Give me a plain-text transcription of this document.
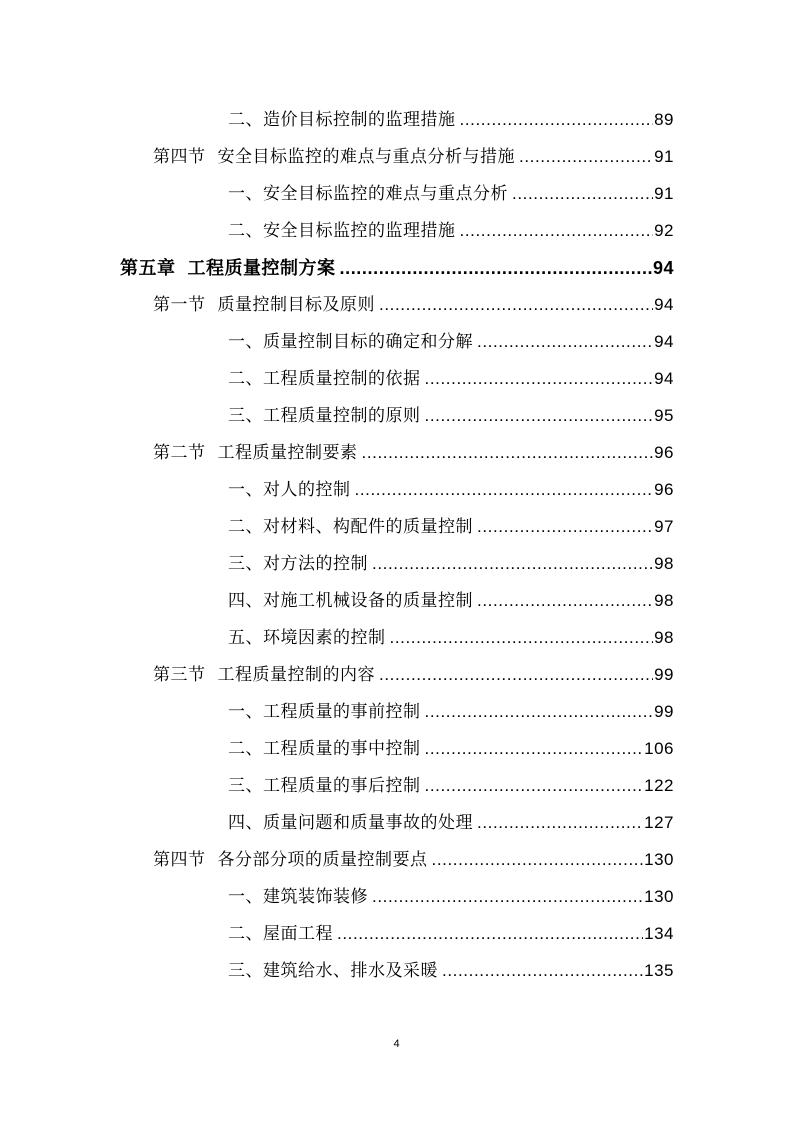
二、造价目标控制的监理措施 .....	89
第四节 安全目标监控的难点与重点分析与措施 .....	91
一、安全目标监控的难点与重点分析 .....	91
二、安全目标监控的监理措施 .....	92
第五章 工程质量控制方案 .....	94
第一节 质量控制目标及原则 .....	94
一、质量控制目标的确定和分解 .....	94
二、工程质量控制的依据 .....	94
三、工程质量控制的原则 .....	95
第二节 工程质量控制要素 .....	96
一、对人的控制 .....	96
二、对材料、构配件的质量控制 .....	97
三、对方法的控制 .....	98
四、对施工机械设备的质量控制 .....	98
五、环境因素的控制 .....	98
第三节 工程质量控制的内容 .....	99
一、工程质量的事前控制 .....	99
二、工程质量的事中控制 .....	106
三、工程质量的事后控制 .....	122
四、质量问题和质量事故的处理 .....	127
第四节 各分部分项的质量控制要点 .....	130
一、建筑装饰装修 .....	130
二、屋面工程 .....	134
三、建筑给水、排水及采暖 .....	135
4
